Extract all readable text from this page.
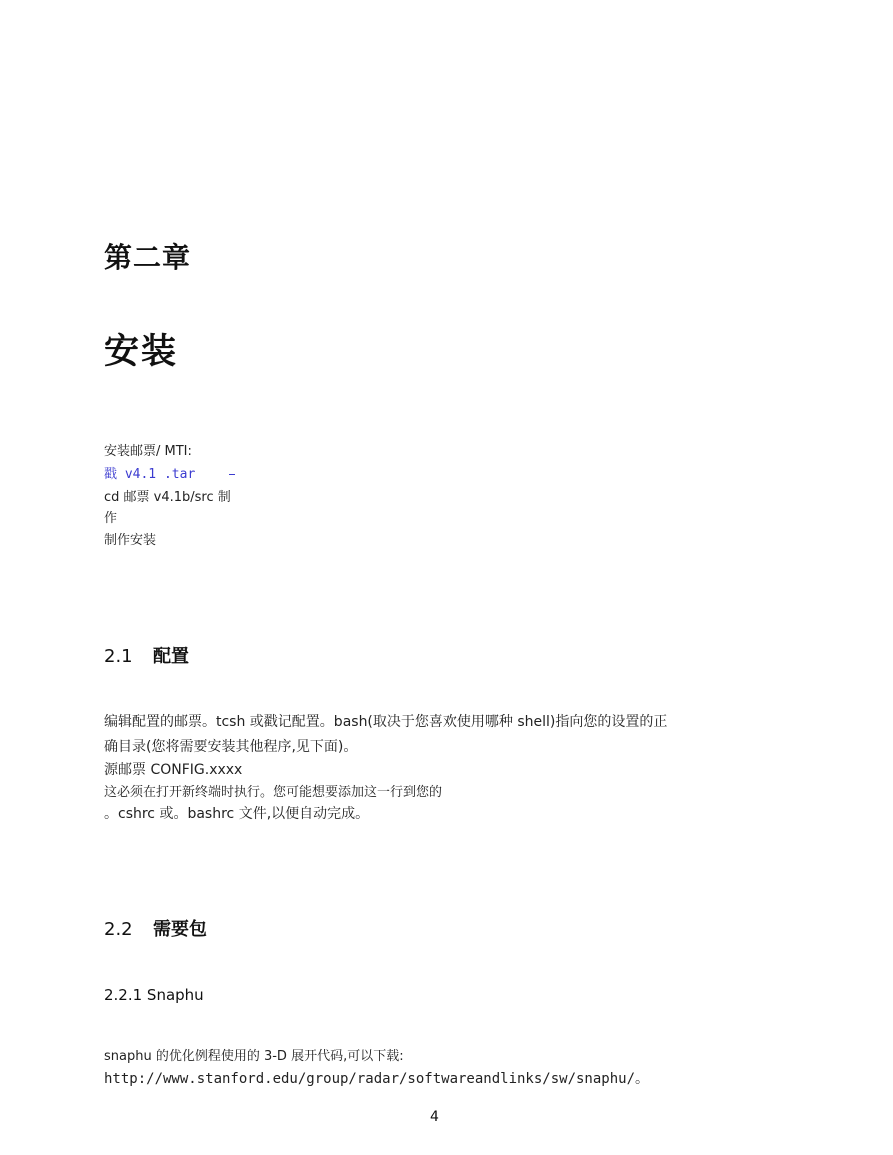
第二章
安装
安装邮票/ MTI:
戳 v4.1 .tar
cd 邮票 v4.1b/src 制
作
制作安装
2.1 配置
编辑配置的邮票。tcsh 或戳记配置。bash(取决于您喜欢使用哪种 shell)指向您的设置的正
确目录(您将需要安装其他程序,见下面)。
源邮票 CONFIG.xxxx
这必须在打开新终端时执行。您可能想要添加这一行到您的
。cshrc 或。bashrc 文件,以便自动完成。
2.2 需要包
2.2.1 Snaphu
snaphu 的优化例程使用的 3-D 展开代码,可以下载:
http://www.stanford.edu/group/radar/softwareandlinks/sw/snaphu/。
4
